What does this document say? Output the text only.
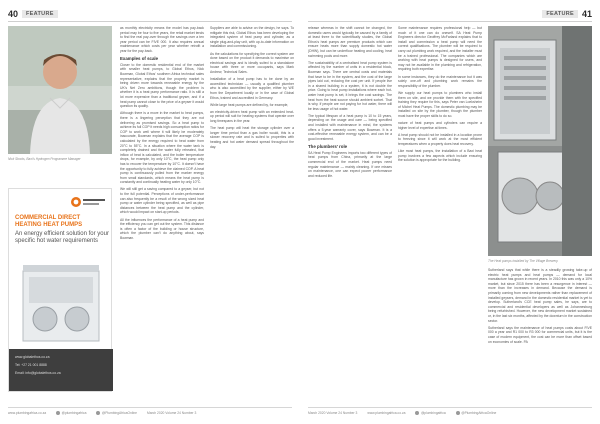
40	FEATURE
Nick Stocks, Baxi's Hydrogen Programme Manager
COMMERCIAL DIRECT
HEATING HEAT PUMPS
An energy efficient solution for your specific hot water requirements
www.globalethos.co.za
Tel: +27 21 001 8888
Email: info@globalethos.co.za

as monthly electricity means the model has pay-back period may be four to five years, the retail market tends to find the real pay-over through the savings over a ten year period can be FIVE 000. It also requires annual maintenance which costs per year whether retrofit a year for the pay-back.

Examples of scale

Closer to the domestic residential end of the market with smaller heat pumps, to Global Ethos, Nick Bowman, Global Ethos' southern Africa technical sales representative, explains that the property market is being driven more towards renewable energy by the UK's Net Zero ambitions, though the problem is whether it is a heat pump performance ratio. It is still a lot more expensive than a traditional geyser, and if a heat pump cannot close to the price of a geyser it would question its quality.

Although there is a move in the market to heat pumps, there is a lingering perception that they are not delivering as promised savings. So a heat pump to achieve its full COP it needs high consumption ratios for COP to work well where it will likely be moderately inaccurate, Bowman explains that the average COP is calculated by the energy required to heat water from 20°C to 55°C. In a situation where the water tank is completely drained and the water fully reheated, that inflow of heat is calculated, and the boiler temperature drops, for example, by only 10°C, the heat pump only has to recover the temperature by 10°C. It doesn't have the opportunity to fully achieve the claimed COP. A heat pump is continuously pulled from the marker energy from small standards, which means the heat pump is constantly and continually heating water by only 10°C.

We will still get a saving compared to a geyser, but not to the full potential. Perceptions of under-performance can also frequently be a result of the wrong sized heat pump or water cylinder being specified, as well as pipe distances between the heat pump and the cylinder, which would impact on start-up periods.

All the influences the performance of a heat pump and the efficiency you can get out the system. This distance is often a factor of the building or house structure, which the plumber can't do anything about, says Bowman.

Suppliers are able to advise on the design, he says. To mitigate this risk, Global Ethos has been developing the integrated system of heat pump and cylinder, as a single plug-and-play unit, with up-to-date information on installation and commissioning.

As the calculations for specifying the correct system are done based on the product it demands to maximise on electrical savings and is ideally suited to a standalone house with three or more occupants, says Mark Andrew, Technical Sales.

Installation of a heat pump has to be done by an accredited technician — usually a qualified plumber who is also accredited by the supplier, either by WE from the Department locally or in the case of Global Ethos, trained and accredited in Germany.

While large heat pumps are defined by, for example,

an electricity-driven heat pump with an extended heat-up period will suit for heating systems that operate over long timespans in the year.

The heat pump will heat the storage cylinder over a longer time period than a gas boiler would, this is a slower recovery rate and is suited to properties with heating and hot water demand spread throughout the day.

www.plumbingafrica.co.za	@plumbingafrica	@PlumbingAfricaOnline	March 2020 Volume 24 Number 3
FEATURE 41

release whereas in the shift cannot be changed, the domestic users would typically be caused by a family of at least three to the scientifically studies, the Global Ethos's heat pumps are premium products which can ensure heats more than supply domestic hot water (DHW), but can be underfloor heating and cooling, heat swimming pools and more.

The sustainability of a centralised heat pump system is affected by the number of units in a residential block, Bowman says. There are central costs and materials that have to be in the system, and the cost of the large pipes laid out, reducing the cost per unit. If people live in a shared building in a system, it is not double the price. Going to heat pump installations where each hot-water heat pump is set, it brings the cost savings. The heat from the heat source should ambient sorbet. That is why, if people are not paying for hot water, there will be less usage of hot water.

The typical lifespan of a heat pump is 10 to 15 years, depending on the usage and care — being specified and installed with maintenance in mind, the systems offers a 5-year warranty cover, says Bowman. It is a cost-effective renewable energy system, and can be a good investment.

The plumbers' role

SA Heat Pump Engineers imports two different types of heat pumps from China, primarily at the large commercial end of the market. Heat pumps need regular maintenance — mainly cleaning. If one misses on maintenance, one can expect poorer performance and reduced life.

Some maintenance requires professional help — but much of it one can do oneself. SA Heat Pump Engineers director Geoffrey McFarland explains that to install and commission a heat pump will need the correct qualifications. The plumber will be required to carry out plumbing work required, and the installer must be a trained professional. The companies which are working with heat pumps is designed for users, and may not be available in the plumbing and refrigeration, requiring both expertise.

In some instances, they do the maintenance but it was solely one-off and plumbing work remains the responsibility of the plumber.

We supply our heat pumps to plumbers who install them on site, and we provide them with the specified training they require for this, says Peter van Loeksheim of Michel Heat Pumps. The domestic plumbing may be installed on site by the plumber, though the plumber must have the proper skills to do so.

nature of heat pumps and cylinders can require a higher level of expertise at times.

A heat pump should not be installed in a location prone to freezing since it will work at the most efficient temperatures when a property does heat recovery.

Like most heat pumps, the installation of a Baxi heat pump involves a few aspects which include ensuring the solution is appropriate for the building.

The Heat pumps installed by The Village Brewery.

Sutherland says that while there is a steadily growing take-up of electric heat pumps and heat pumps — demand for local manufacture has grown in recent years. In 2010 this was only a 10% market, but since 2015 there has been a resurgence in interest — more than the increases in demand. Because the demand is primarily coming from new developments rather than replacement of installed geysers, demand in the domestic residential market is yet to develop. Sutherland's CCE heat pump sales, he says, are to commercial and residential developers as well as Johannesburg being refurbished. However, the new development market sustained or, in the last six months, affected by the downturn in the construction sector.

Sutherland says the maintenance of heat pumps costs about FIVE 000 a year and R1 000 to R3 000 for commercial units, but it is the case of modern equipment, the cost can be more than offset based on economies of scale. PA

March 2020 Volume 24 Number 3	www.plumbingafrica.co.za	@plumbingafrica	@PlumbingAfricaOnline
